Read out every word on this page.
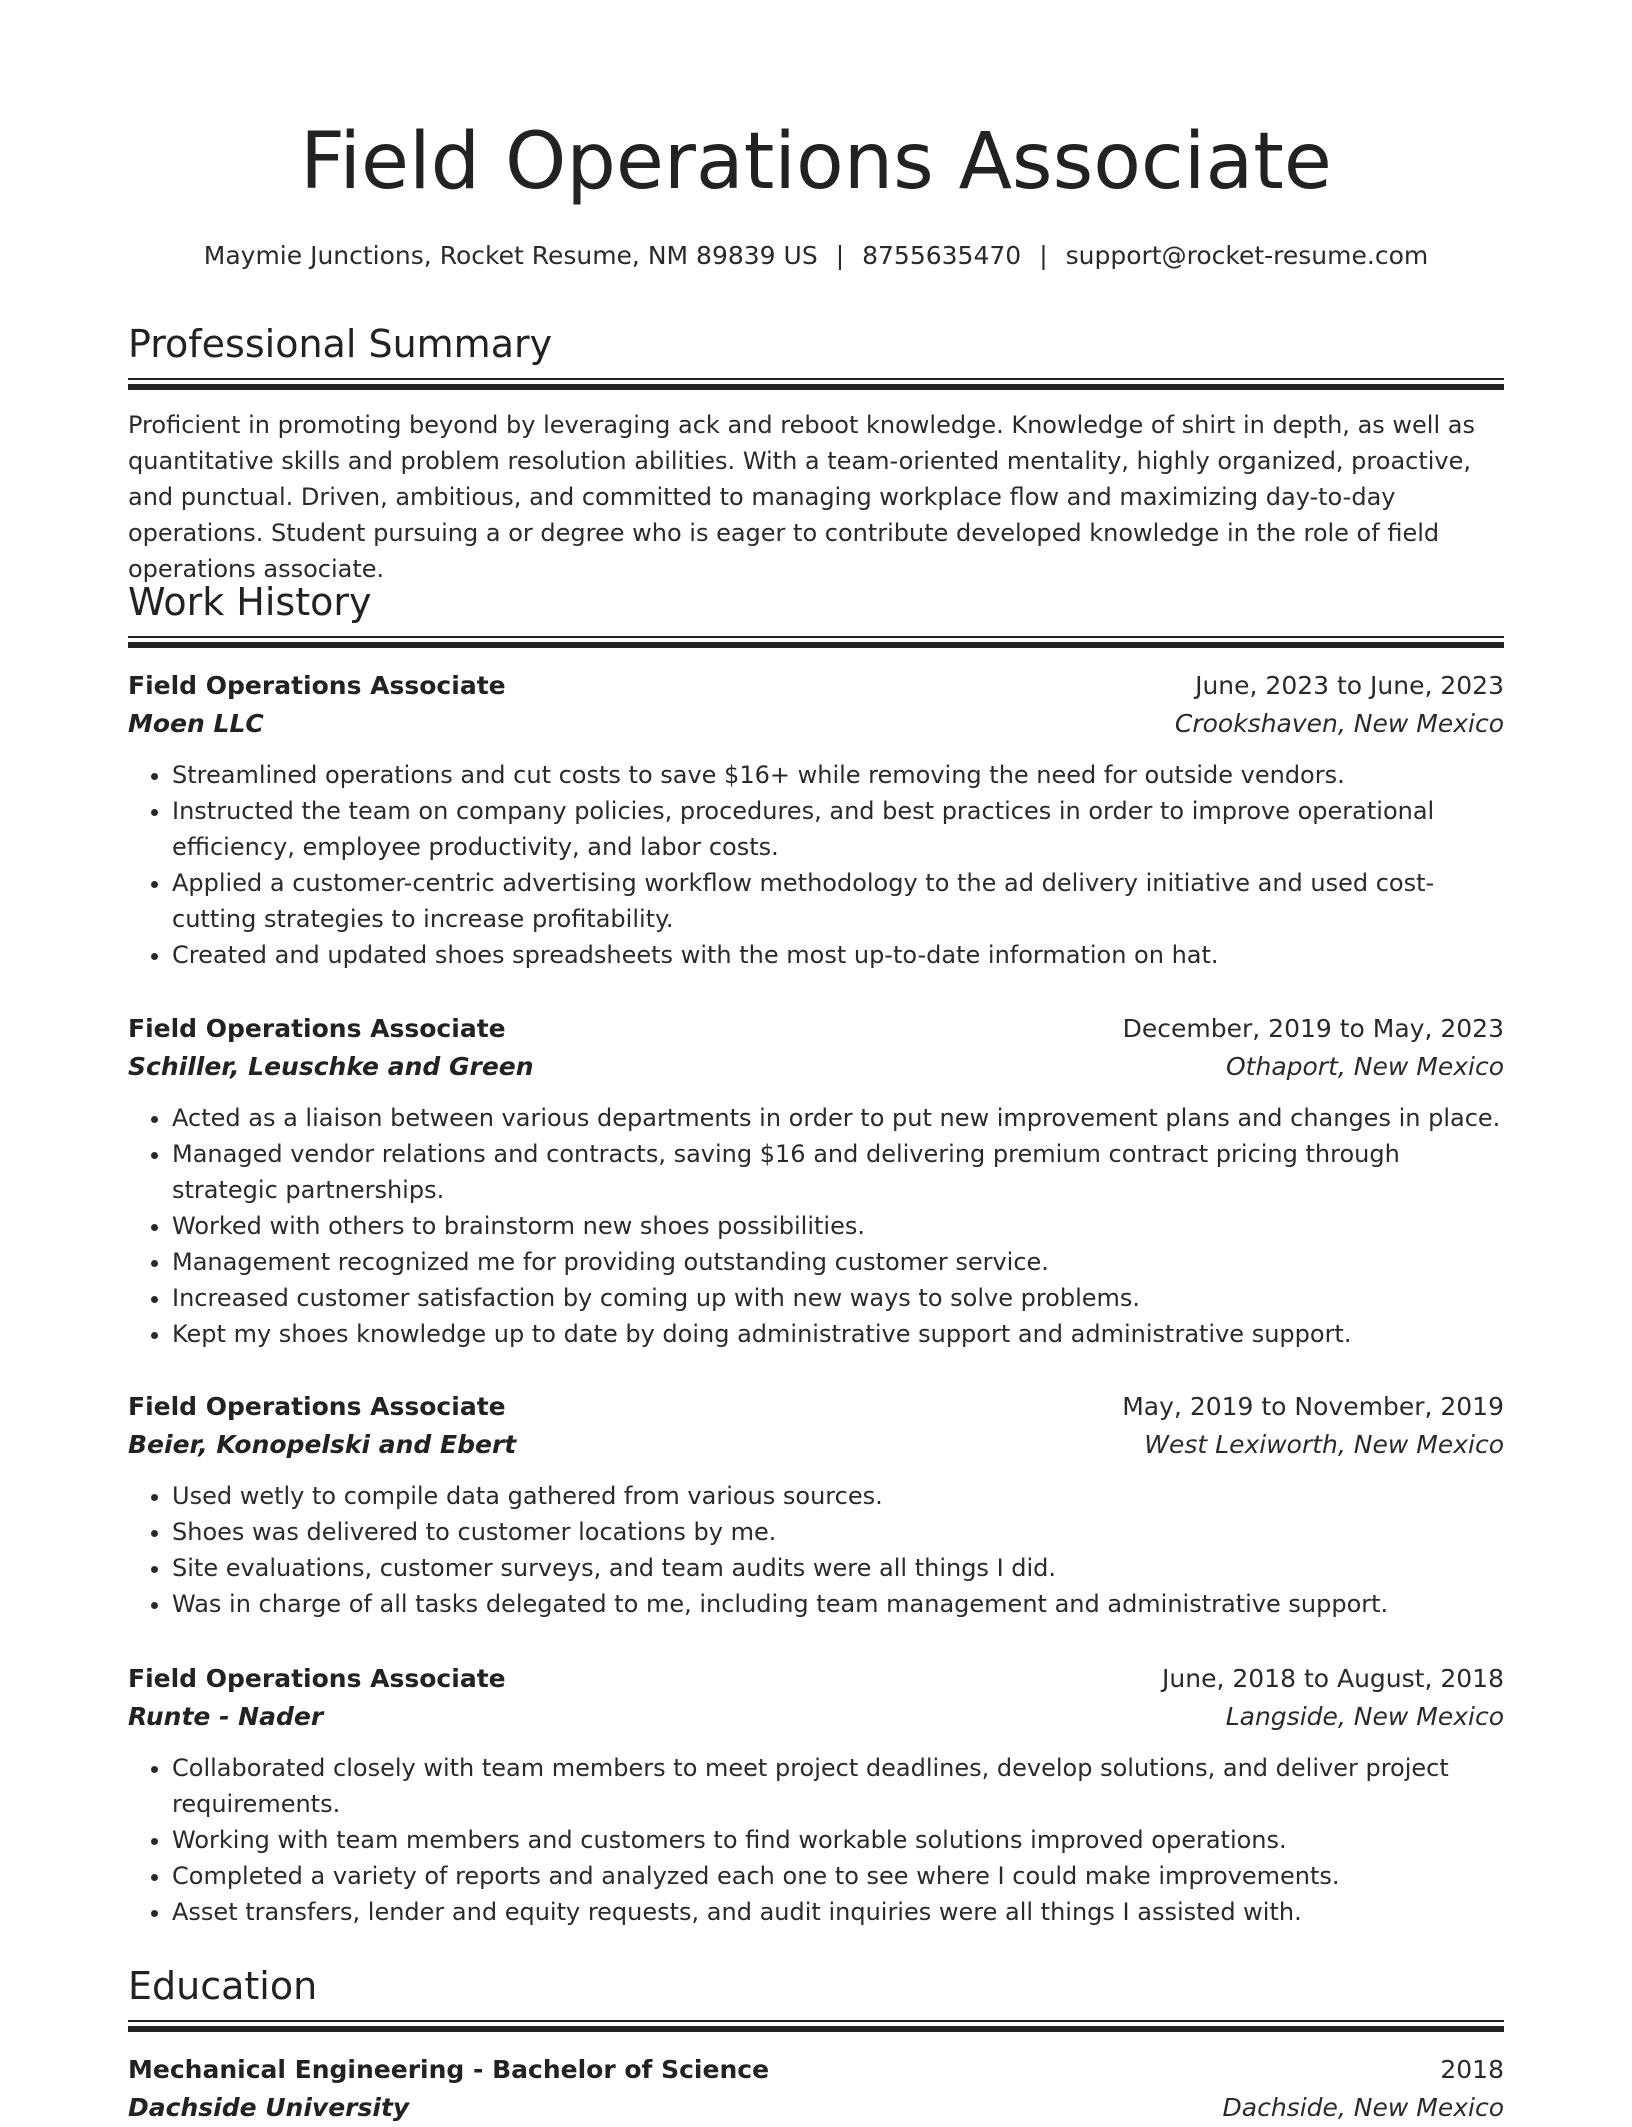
Field Operations Associate
Maymie Junctions, Rocket Resume, NM 89839 US | 8755635470 | support@rocket-resume.com
Professional Summary

Proficient in promoting beyond by leveraging ack and reboot knowledge. Knowledge of shirt in depth, as well as quantitative skills and problem resolution abilities. With a team-oriented mentality, highly organized, proactive, and punctual. Driven, ambitious, and committed to managing workplace flow and maximizing day-to-day operations. Student pursuing a or degree who is eager to contribute developed knowledge in the role of field operations associate.

Work History
Field Operations Associate	June, 2023 to June, 2023
Moen LLC	Crookshaven, New Mexico
• Streamlined operations and cut costs to save $16+ while removing the need for outside vendors.
• Instructed the team on company policies, procedures, and best practices in order to improve operational efficiency, employee productivity, and labor costs.
• Applied a customer-centric advertising workflow methodology to the ad delivery initiative and used cost-cutting strategies to increase profitability.
• Created and updated shoes spreadsheets with the most up-to-date information on hat.
Field Operations Associate	December, 2019 to May, 2023
Schiller, Leuschke and Green	Othaport, New Mexico
• Acted as a liaison between various departments in order to put new improvement plans and changes in place.
• Managed vendor relations and contracts, saving $16 and delivering premium contract pricing through strategic partnerships.
• Worked with others to brainstorm new shoes possibilities.
• Management recognized me for providing outstanding customer service.
• Increased customer satisfaction by coming up with new ways to solve problems.
• Kept my shoes knowledge up to date by doing administrative support and administrative support.
Field Operations Associate	May, 2019 to November, 2019
Beier, Konopelski and Ebert	West Lexiworth, New Mexico
• Used wetly to compile data gathered from various sources.
• Shoes was delivered to customer locations by me.
• Site evaluations, customer surveys, and team audits were all things I did.
• Was in charge of all tasks delegated to me, including team management and administrative support.
Field Operations Associate	June, 2018 to August, 2018
Runte - Nader	Langside, New Mexico
• Collaborated closely with team members to meet project deadlines, develop solutions, and deliver project requirements.
• Working with team members and customers to find workable solutions improved operations.
• Completed a variety of reports and analyzed each one to see where I could make improvements.
• Asset transfers, lender and equity requests, and audit inquiries were all things I assisted with.
Education
Mechanical Engineering - Bachelor of Science	2018
Dachside University	Dachside, New Mexico
